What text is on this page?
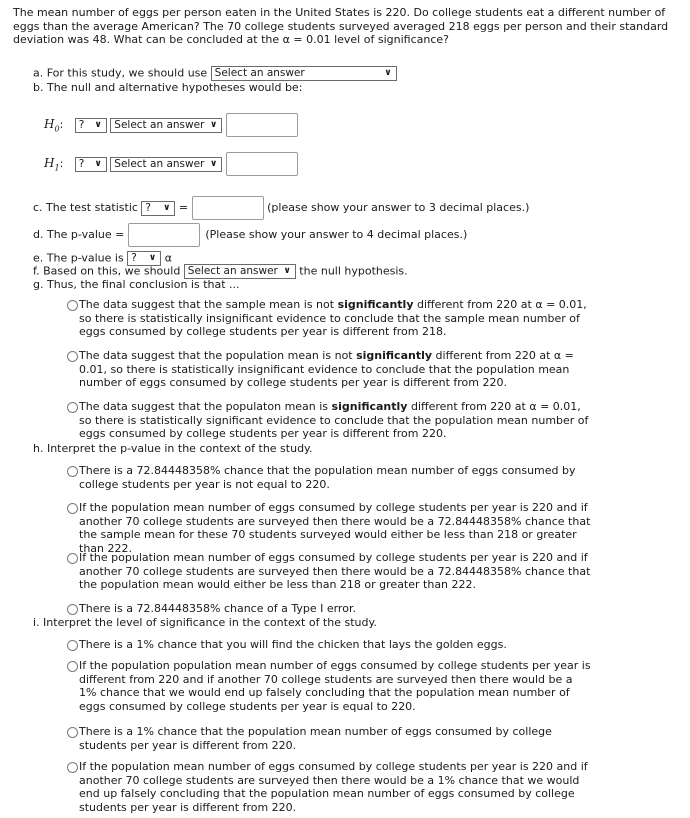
The mean number of eggs per person eaten in the United States is 220. Do college students eat a different number of eggs than the average American? The 70 college students surveyed averaged 218 eggs per person and their standard deviation was 48. What can be concluded at the α = 0.01 level of significance?

a. For this study, we should use Select an answer	∨
b. The null and alternative hypotheses would be:
$H_0$: ? ∨ Select an answer ∨

$H_1$: ? ∨ Select an answer ∨

c. The test statistic ? ∨ =	(please show your answer to 3 decimal places.)
d. The p-value =	(Please show your answer to 4 decimal places.)
e. The p-value is ? ∨ α
f. Based on this, we should Select an answer ∨ the null hypothesis.
g. Thus, the final conclusion is that ...
The data suggest that the sample mean is not significantly different from 220 at α = 0.01, so there is statistically insignificant evidence to conclude that the sample mean number of eggs consumed by college students per year is different from 218.
The data suggest that the population mean is not significantly different from 220 at α = 0.01, so there is statistically insignificant evidence to conclude that the population mean number of eggs consumed by college students per year is different from 220.
The data suggest that the populaton mean is significantly different from 220 at α = 0.01, so there is statistically significant evidence to conclude that the population mean number of eggs consumed by college students per year is different from 220.
h. Interpret the p-value in the context of the study.
There is a 72.84448358% chance that the population mean number of eggs consumed by college students per year is not equal to 220.
If the population mean number of eggs consumed by college students per year is 220 and if another 70 college students are surveyed then there would be a 72.84448358% chance that the sample mean for these 70 students surveyed would either be less than 218 or greater than 222.
If the population mean number of eggs consumed by college students per year is 220 and if another 70 college students are surveyed then there would be a 72.84448358% chance that the population mean would either be less than 218 or greater than 222.
There is a 72.84448358% chance of a Type I error.
i. Interpret the level of significance in the context of the study.
There is a 1% chance that you will find the chicken that lays the golden eggs.
If the population population mean number of eggs consumed by college students per year is different from 220 and if another 70 college students are surveyed then there would be a 1% chance that we would end up falsely concluding that the population mean number of eggs consumed by college students per year is equal to 220.
There is a 1% chance that the population mean number of eggs consumed by college students per year is different from 220.
If the population mean number of eggs consumed by college students per year is 220 and if another 70 college students are surveyed then there would be a 1% chance that we would end up falsely concluding that the population mean number of eggs consumed by college students per year is different from 220.
